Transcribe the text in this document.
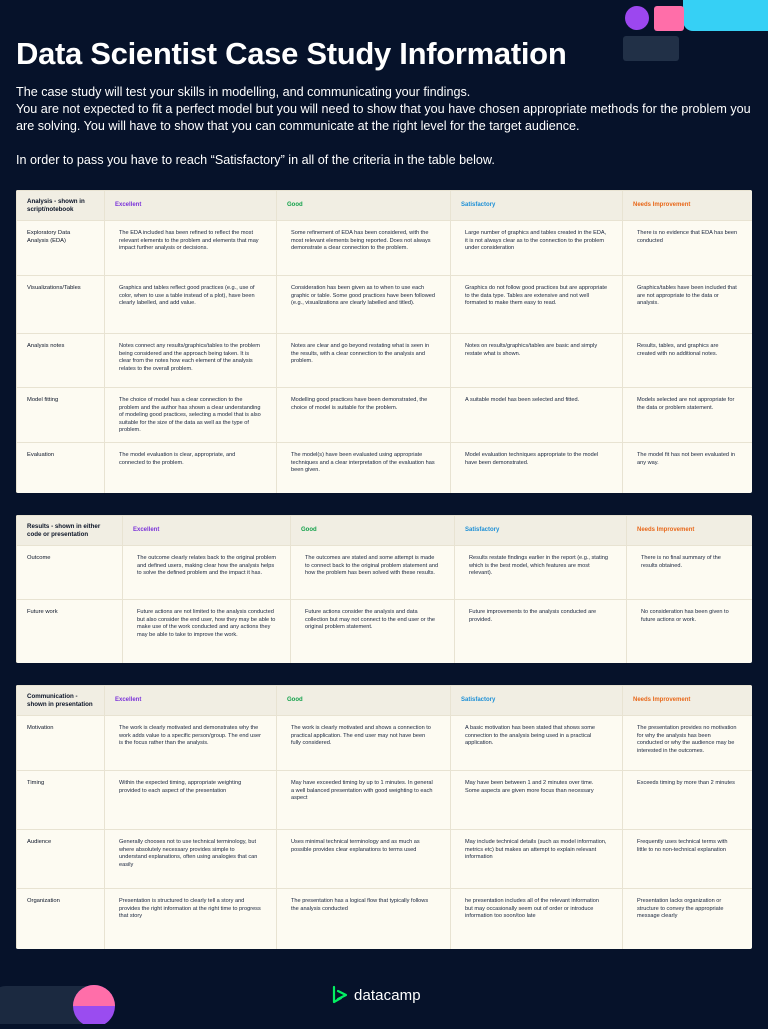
Data Scientist Case Study Information

The case study will test your skills in modelling, and communicating your findings.

You are not expected to fit a perfect model but you will need to show that you have chosen appropriate methods for the problem you are solving. You will have to show that you can communicate at the right level for the target audience.

In order to pass you have to reach “Satisfactory” in all of the criteria in the table below.

Analysis - shown in script/notebook	Excellent	Good	Satisfactory	Needs Improvement
Exploratory Data Analysis (EDA)	The EDA included has been refined to reflect the most relevant elements to the problem and elements that may impact further analysis or decisions.	Some refinement of EDA has been considered, with the most relevant elements being reported. Does not always demonstrate a clear connection to the problem.	Large number of graphics and tables created in the EDA, it is not always clear as to the connection to the problem under consideration	There is no evidence that EDA has been conducted
Visualizations/Tables	Graphics and tables reflect good practices (e.g., use of color, when to use a table instead of a plot), have been clearly labelled, and add value.	Consideration has been given as to when to use each graphic or table. Some good practices have been followed (e.g., visualizations are clearly labelled and titled).	Graphics do not follow good practices but are appropriate to the data type. Tables are extensive and not well formated to make them easy to read.	Graphics/tables have been included that are not appropriate to the data or analysis.
Analysis notes	Notes connect any results/graphics/tables to the problem being considered and the approach being taken. It is clear from the notes how each element of the analysis relates to the overall problem.	Notes are clear and go beyond restating what is seen in the results, with a clear connection to the analysis and problem.	Notes on results/graphics/tables are basic and simply restate what is shown.	Results, tables, and graphics are created with no additional notes.
Model fitting	The choice of model has a clear connection to the problem and the author has shown a clear understanding of modeling good practices, selecting a model that is also suitable for the size of the data as well as the type of problem.	Modelling good practices have been demonstrated, the choice of model is suitable for the problem.	A suitable model has been selected and fitted.	Models selected are not appropriate for the data or problem statement.
Evaluation	The model evaluation is clear, appropriate, and connected to the problem.	The model(s) have been evaluated using appropriate techniques and a clear interpretation of the evaluation has been given.	Model evaluation techniques appropriate to the model have been demonstrated.	The model fit has not been evaluated in any way.
Results - shown in either code or presentation	Excellent	Good	Satisfactory	Needs Improvement
Outcome	The outcome clearly relates back to the original problem and defined users, making clear how the analysis helps to solve the defined problem and the impact it has.	The outcomes are stated and some attempt is made to connect back to the original problem statement and how the problem has been solved with these results.	Results restate findings earlier in the report (e.g., stating which is the best model, which features are most relevant).	There is no final summary of the results obtained.
Future work	Future actions are not limited to the analysis conducted but also consider the end user, how they may be able to make use of the work conducted and any actions they may be able to take to improve the work.	Future actions consider the analysis and data collection but may not connect to the end user or the original problem statement.	Future improvements to the analysis conducted are provided.	No consideration has been given to future actions or work.
Communication - shown in presentation	Excellent	Good	Satisfactory	Needs Improvement
Motivation	The work is clearly motivated and demonstrates why the work adds value to a specific person/group. The end user is the focus rather than the analysis.	The work is clearly motivated and shows a connection to practical application. The end user may not have been fully considered.	A basic motivation has been stated that shows some connection to the analysis being used in a practical application.	The presentation provides no motivation for why the analysis has been conducted or why the audience may be interested in the outcomes.
Timing	Within the expected timing, appropriate weighting provided to each aspect of the presentation	May have exceeded timing by up to 1 minutes. In general a well balanced presentation with good weighting to each aspect	May have been between 1 and 2 minutes over time. Some aspects are given more focus than necessary	Exceeds timing by more than 2 minutes
Audience	Generally chooses not to use technical terminology, but where absolutely necessary provides simple to understand explanations, often using analogies that can easily	Uses minimal technical terminology and as much as possible provides clear explanations to terms used	May include technical details (such as model information, metrics etc) but makes an attempt to explain relevant information	Frequently uses technical terms with little to no non-technical explanation
Organization	Presentation is structured to clearly tell a story and provides the right information at the right time to progress that story	The presentation has a logical flow that typically follows the analysis conducted	he presentation includes all of the relevant information but may occasionally seem out of order or introduce information too soon/too late	Presentation lacks organization or structure to convey the appropriate message clearly
datacamp
